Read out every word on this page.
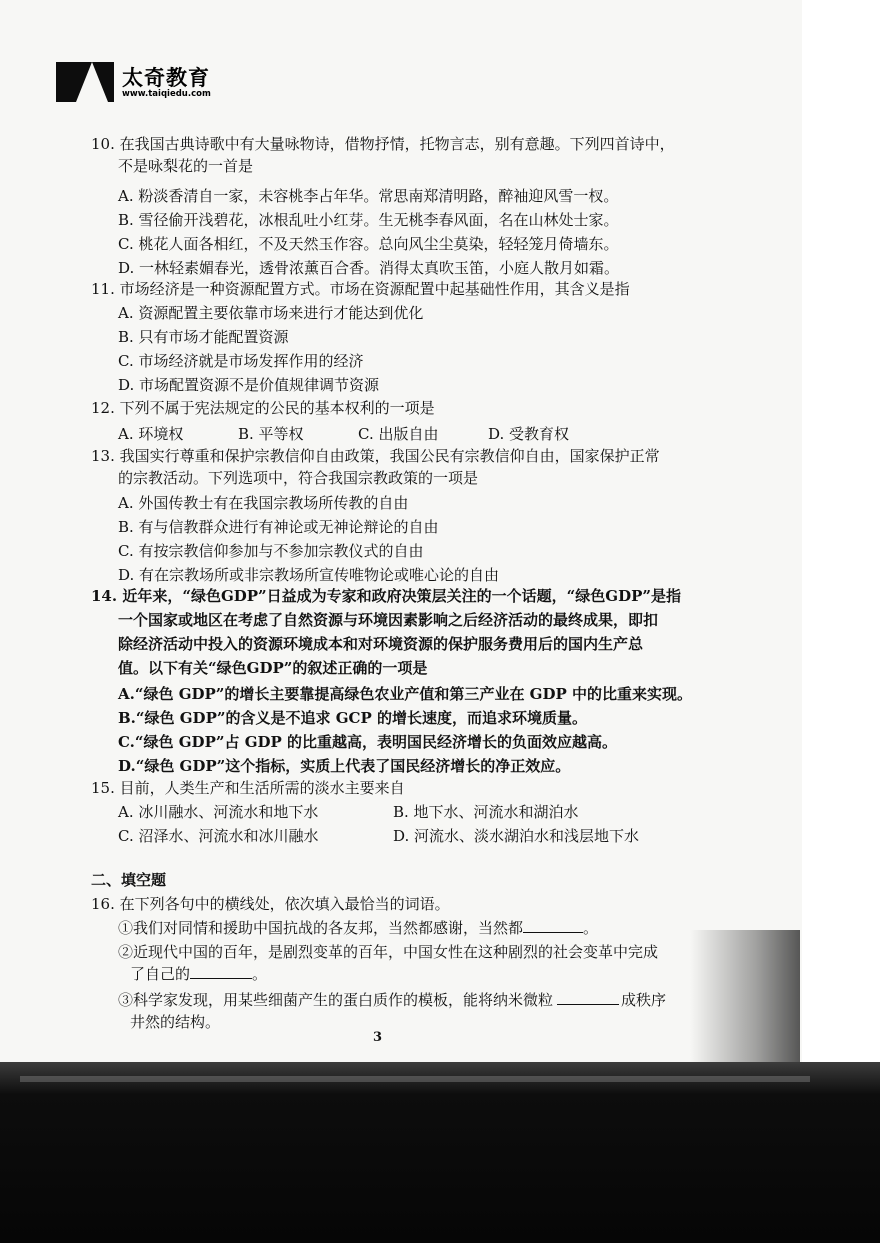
太奇教育
www.taiqiedu.com
10. 在我国古典诗歌中有大量咏物诗，借物抒情，托物言志，别有意趣。下列四首诗中，
不是咏梨花的一首是
A. 粉淡香清自一家，未容桃李占年华。常思南郑清明路，醉袖迎风雪一杈。
B. 雪径偷开浅碧花，冰根乱吐小红芽。生无桃李春风面，名在山林处士家。
C. 桃花人面各相红，不及天然玉作容。总向风尘尘莫染，轻轻笼月倚墙东。
D. 一林轻素媚春光，透骨浓薰百合香。消得太真吹玉笛，小庭人散月如霜。
11. 市场经济是一种资源配置方式。市场在资源配置中起基础性作用，其含义是指
A. 资源配置主要依靠市场来进行才能达到优化
B. 只有市场才能配置资源
C. 市场经济就是市场发挥作用的经济
D. 市场配置资源不是价值规律调节资源
12. 下列不属于宪法规定的公民的基本权利的一项是
A. 环境权	B. 平等权	C. 出版自由	D. 受教育权
13. 我国实行尊重和保护宗教信仰自由政策，我国公民有宗教信仰自由，国家保护正常
的宗教活动。下列选项中，符合我国宗教政策的一项是
A. 外国传教士有在我国宗教场所传教的自由
B. 有与信教群众进行有神论或无神论辩论的自由
C. 有按宗教信仰参加与不参加宗教仪式的自由
D. 有在宗教场所或非宗教场所宣传唯物论或唯心论的自由
14. 近年来，“绿色GDP”日益成为专家和政府决策层关注的一个话题，“绿色GDP”是指
一个国家或地区在考虑了自然资源与环境因素影响之后经济活动的最终成果，即扣
除经济活动中投入的资源环境成本和对环境资源的保护服务费用后的国内生产总
值。以下有关“绿色GDP”的叙述正确的一项是
A.“绿色 GDP”的增长主要靠提高绿色农业产值和第三产业在 GDP 中的比重来实现。
B.“绿色 GDP”的含义是不追求 GCP 的增长速度，而追求环境质量。
C.“绿色 GDP”占 GDP 的比重越高，表明国民经济增长的负面效应越高。
D.“绿色 GDP”这个指标，实质上代表了国民经济增长的净正效应。
15. 目前，人类生产和生活所需的淡水主要来自
A. 冰川融水、河流水和地下水	B. 地下水、河流水和湖泊水
C. 沼泽水、河流水和冰川融水	D. 河流水、淡水湖泊水和浅层地下水
二、填空题
16. 在下列各句中的横线处，依次填入最恰当的词语。
①我们对同情和援助中国抗战的各友邦，当然都感谢，当然都	。
②近现代中国的百年，是剧烈变革的百年，中国女性在这种剧烈的社会变革中完成
了自己的	。
③科学家发现，用某些细菌产生的蛋白质作的模板，能将纳米微粒	成秩序
井然的结构。
3
